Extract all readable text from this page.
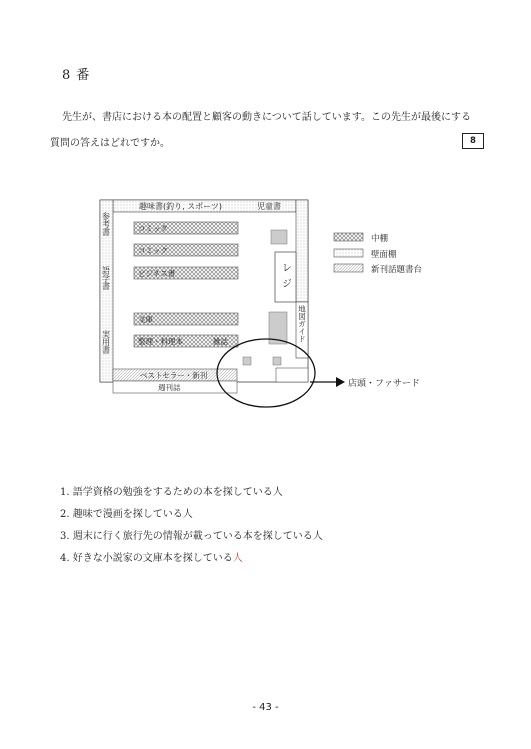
8 番
先生が、書店における本の配置と顧客の動きについて話しています。この先生が最後にする
質問の答えはどれですか。	8
趣味書(釣り, スポーツ)	児童書
コミック
コミック
ビジネス書
文庫
整理・料理本	雑誌
ベストセラー・新刊
週刊誌
参考書
語学書
実用書
レジ
地図ガイド
中棚
壁面棚
新刊話題書台
店頭・ファサード
1. 語学資格の勉強をするための本を探している人
2. 趣味で漫画を探している人
3. 週末に行く旅行先の情報が載っている本を探している人
4. 好きな小説家の文庫本を探している人
- 43 -
